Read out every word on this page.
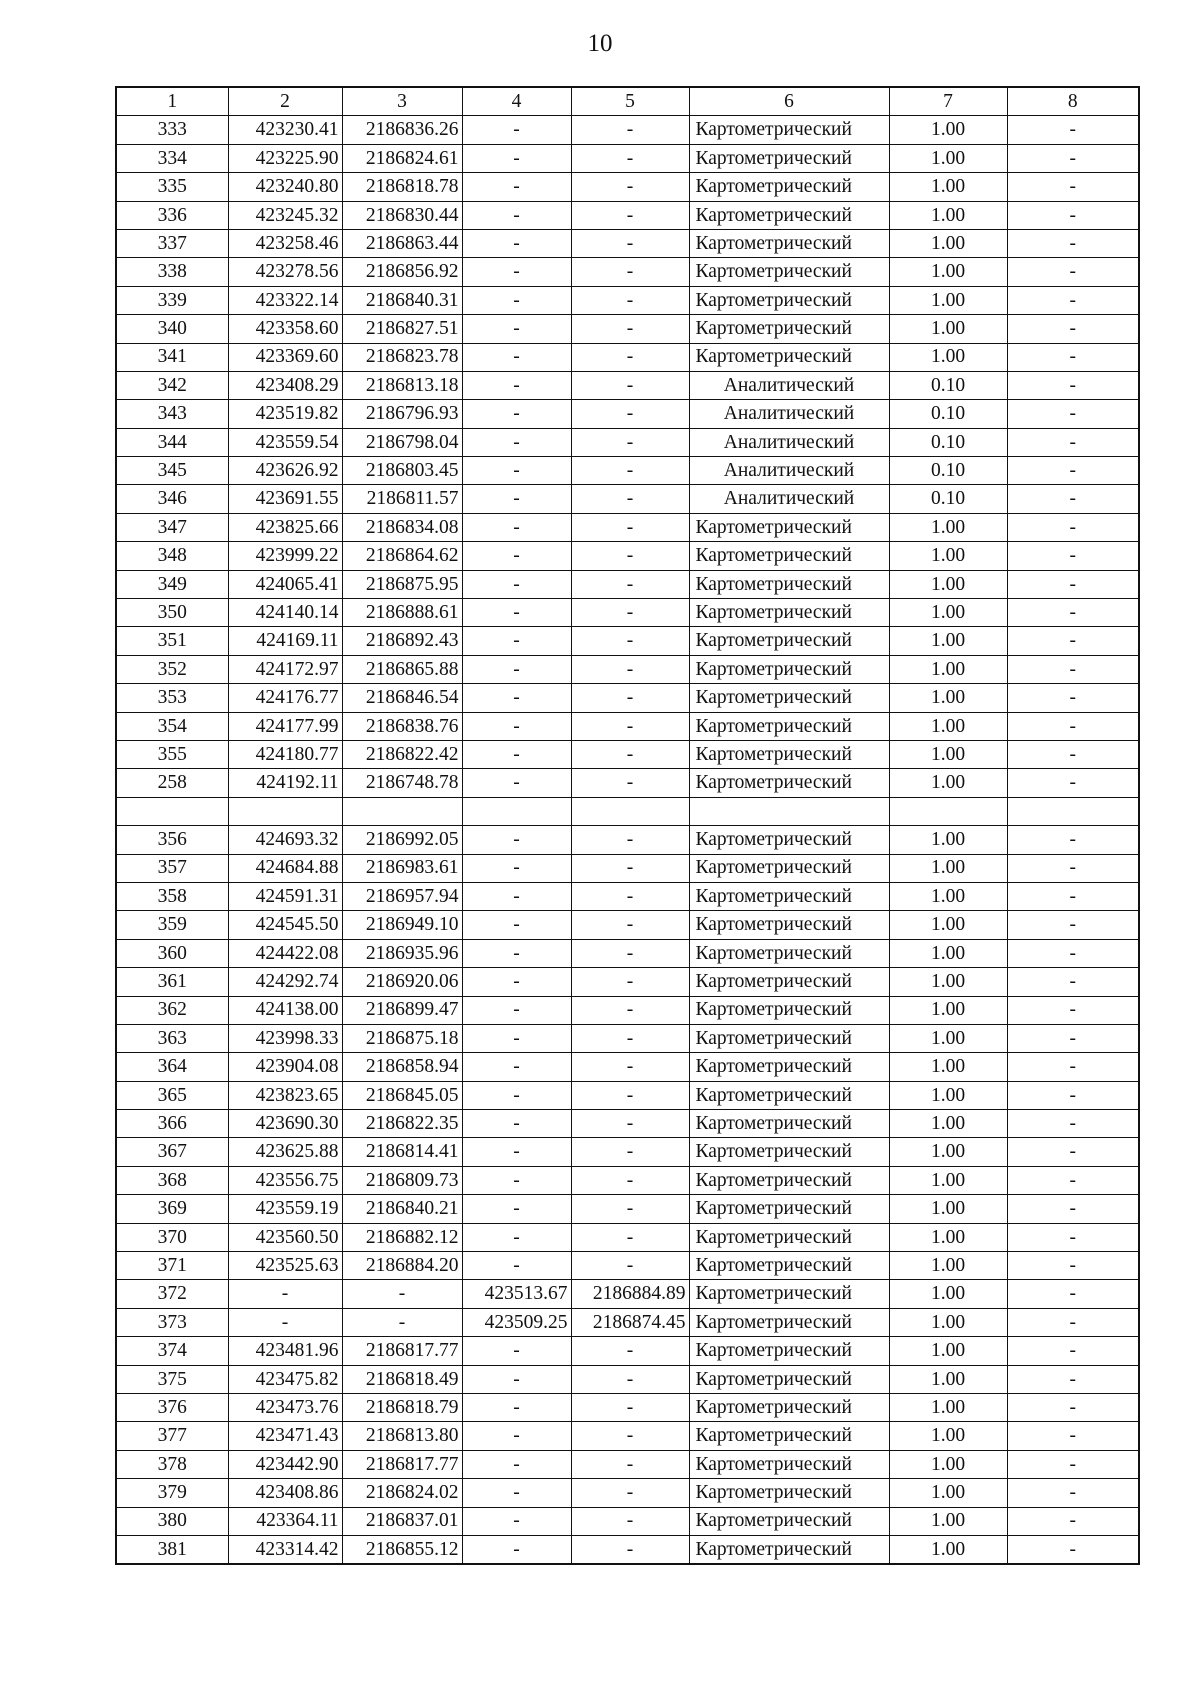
10
1	2	3	4	5	6	7	8
333	423230.41	2186836.26	-	-	Картометрический	1.00	-
334	423225.90	2186824.61	-	-	Картометрический	1.00	-
335	423240.80	2186818.78	-	-	Картометрический	1.00	-
336	423245.32	2186830.44	-	-	Картометрический	1.00	-
337	423258.46	2186863.44	-	-	Картометрический	1.00	-
338	423278.56	2186856.92	-	-	Картометрический	1.00	-
339	423322.14	2186840.31	-	-	Картометрический	1.00	-
340	423358.60	2186827.51	-	-	Картометрический	1.00	-
341	423369.60	2186823.78	-	-	Картометрический	1.00	-
342	423408.29	2186813.18	-	-	Аналитический	0.10	-
343	423519.82	2186796.93	-	-	Аналитический	0.10	-
344	423559.54	2186798.04	-	-	Аналитический	0.10	-
345	423626.92	2186803.45	-	-	Аналитический	0.10	-
346	423691.55	2186811.57	-	-	Аналитический	0.10	-
347	423825.66	2186834.08	-	-	Картометрический	1.00	-
348	423999.22	2186864.62	-	-	Картометрический	1.00	-
349	424065.41	2186875.95	-	-	Картометрический	1.00	-
350	424140.14	2186888.61	-	-	Картометрический	1.00	-
351	424169.11	2186892.43	-	-	Картометрический	1.00	-
352	424172.97	2186865.88	-	-	Картометрический	1.00	-
353	424176.77	2186846.54	-	-	Картометрический	1.00	-
354	424177.99	2186838.76	-	-	Картометрический	1.00	-
355	424180.77	2186822.42	-	-	Картометрический	1.00	-
258	424192.11	2186748.78	-	-	Картометрический	1.00	-

356	424693.32	2186992.05	-	-	Картометрический	1.00	-
357	424684.88	2186983.61	-	-	Картометрический	1.00	-
358	424591.31	2186957.94	-	-	Картометрический	1.00	-
359	424545.50	2186949.10	-	-	Картометрический	1.00	-
360	424422.08	2186935.96	-	-	Картометрический	1.00	-
361	424292.74	2186920.06	-	-	Картометрический	1.00	-
362	424138.00	2186899.47	-	-	Картометрический	1.00	-
363	423998.33	2186875.18	-	-	Картометрический	1.00	-
364	423904.08	2186858.94	-	-	Картометрический	1.00	-
365	423823.65	2186845.05	-	-	Картометрический	1.00	-
366	423690.30	2186822.35	-	-	Картометрический	1.00	-
367	423625.88	2186814.41	-	-	Картометрический	1.00	-
368	423556.75	2186809.73	-	-	Картометрический	1.00	-
369	423559.19	2186840.21	-	-	Картометрический	1.00	-
370	423560.50	2186882.12	-	-	Картометрический	1.00	-
371	423525.63	2186884.20	-	-	Картометрический	1.00	-
372	-	-	423513.67	2186884.89	Картометрический	1.00	-
373	-	-	423509.25	2186874.45	Картометрический	1.00	-
374	423481.96	2186817.77	-	-	Картометрический	1.00	-
375	423475.82	2186818.49	-	-	Картометрический	1.00	-
376	423473.76	2186818.79	-	-	Картометрический	1.00	-
377	423471.43	2186813.80	-	-	Картометрический	1.00	-
378	423442.90	2186817.77	-	-	Картометрический	1.00	-
379	423408.86	2186824.02	-	-	Картометрический	1.00	-
380	423364.11	2186837.01	-	-	Картометрический	1.00	-
381	423314.42	2186855.12	-	-	Картометрический	1.00	-
